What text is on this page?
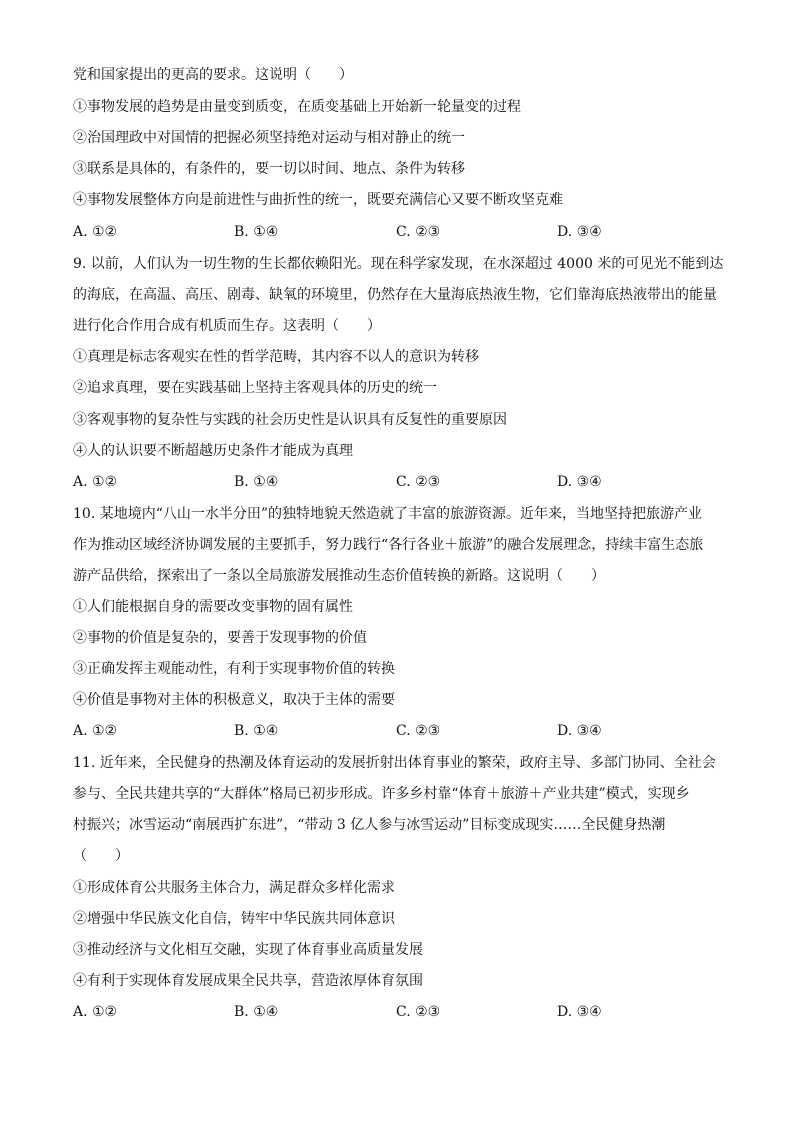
党和国家提出的更高的要求。这说明（　　）
①事物发展的趋势是由量变到质变，在质变基础上开始新一轮量变的过程
②治国理政中对国情的把握必须坚持绝对运动与相对静止的统一
③联系是具体的，有条件的，要一切以时间、地点、条件为转移
④事物发展整体方向是前进性与曲折性的统一，既要充满信心又要不断攻坚克难
A. ①②	B. ①④	C. ②③	D. ③④
9. 以前，人们认为一切生物的生长都依赖阳光。现在科学家发现，在水深超过 4000 米的可见光不能到达
的海底，在高温、高压、剧毒、缺氧的环境里，仍然存在大量海底热液生物，它们靠海底热液带出的能量
进行化合作用合成有机质而生存。这表明（　　）
①真理是标志客观实在性的哲学范畴，其内容不以人的意识为转移
②追求真理，要在实践基础上坚持主客观具体的历史的统一
③客观事物的复杂性与实践的社会历史性是认识具有反复性的重要原因
④人的认识要不断超越历史条件才能成为真理
A. ①②	B. ①④	C. ②③	D. ③④
10. 某地境内“八山一水半分田”的独特地貌天然造就了丰富的旅游资源。近年来，当地坚持把旅游产业
作为推动区域经济协调发展的主要抓手，努力践行“各行各业＋旅游”的融合发展理念，持续丰富生态旅
游产品供给，探索出了一条以全局旅游发展推动生态价值转换的新路。这说明（　　）
①人们能根据自身的需要改变事物的固有属性
②事物的价值是复杂的，要善于发现事物的价值
③正确发挥主观能动性，有利于实现事物价值的转换
④价值是事物对主体的积极意义，取决于主体的需要
A. ①②	B. ①④	C. ②③	D. ③④
11. 近年来，全民健身的热潮及体育运动的发展折射出体育事业的繁荣，政府主导、多部门协同、全社会
参与、全民共建共享的“大群体”格局已初步形成。许多乡村靠“体育＋旅游＋产业共建”模式，实现乡
村振兴；冰雪运动“南展西扩东进”，“带动 3 亿人参与冰雪运动”目标变成现实……全民健身热潮
（　　）
①形成体育公共服务主体合力，满足群众多样化需求
②增强中华民族文化自信，铸牢中华民族共同体意识
③推动经济与文化相互交融，实现了体育事业高质量发展
④有利于实现体育发展成果全民共享，营造浓厚体育氛围
A. ①②	B. ①④	C. ②③	D. ③④
